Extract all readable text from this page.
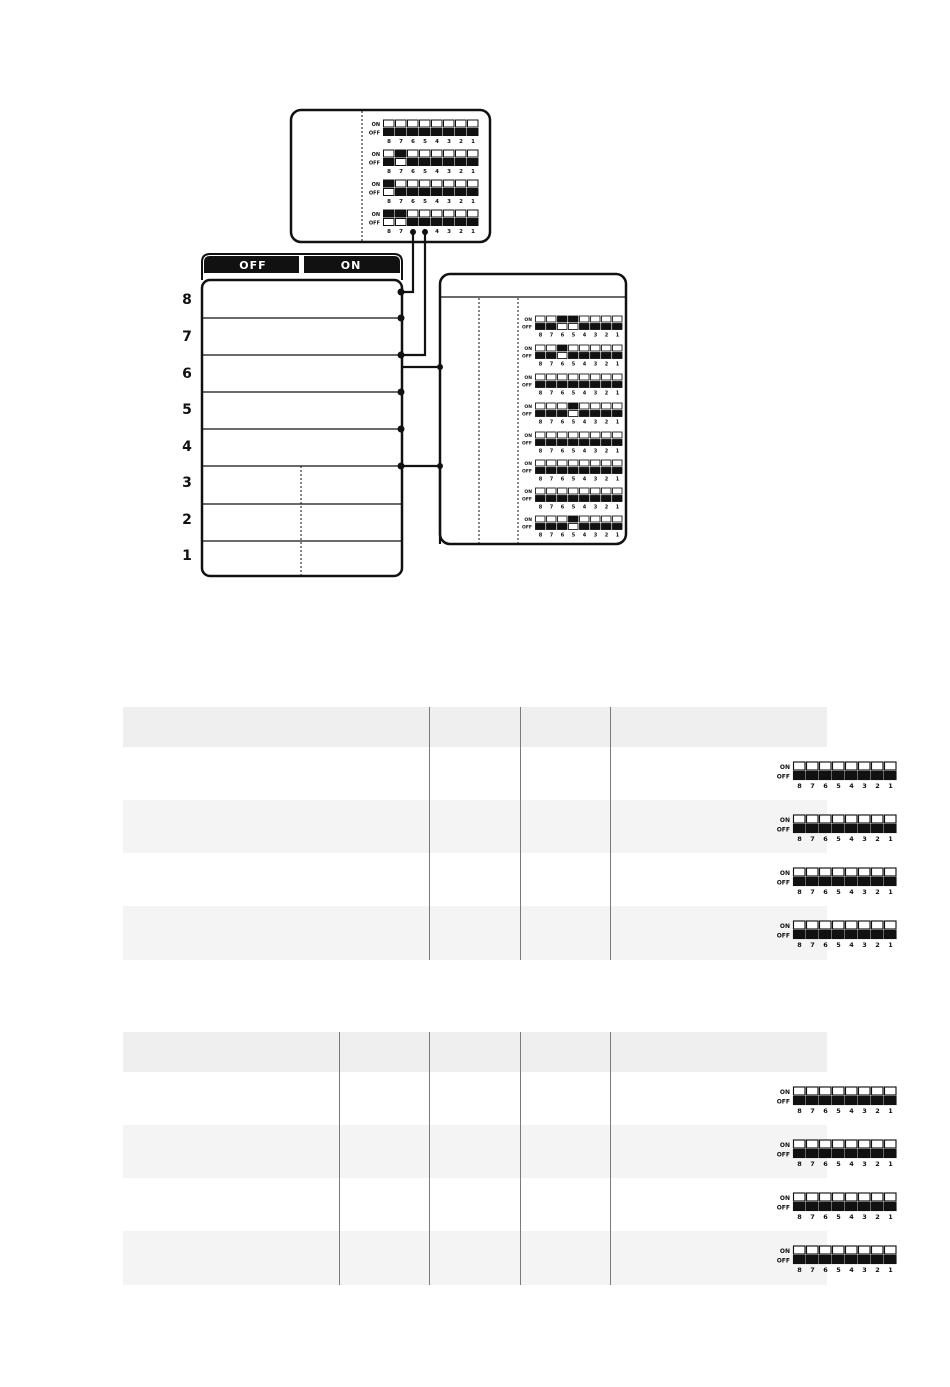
OFF	ON
8
7
6
5
4
3
2
1
ON
OFF
8 7 6 5 4 3 2 1
ON
OFF
8 7 6 5 4 3 2 1
ON
OFF
8 7 6 5 4 3 2 1
ON
OFF
8 7 6 5 4 3 2 1
ON
OFF
8 7 6 5 4 3 2 1
ON
OFF
8 7 6 5 4 3 2 1
ON
OFF
8 7 6 5 4 3 2 1
ON
OFF
8 7 6 5 4 3 2 1
ON
OFF
8 7 6 5 4 3 2 1
ON
OFF
8 7 6 5 4 3 2 1
ON
OFF
8 7 6 5 4 3 2 1
ON
OFF
8 7 6 5 4 3 2 1
ON
OFF
8 7 6 5 4 3 2 1
ON
OFF
8 7 6 5 4 3 2 1
ON
OFF
8 7 6 5 4 3 2 1
ON
OFF
8 7 6 5 4 3 2 1
ON
OFF
8 7 6 5 4 3 2 1
ON
OFF
8 7 6 5 4 3 2 1
ON
OFF
8 7 6 5 4 3 2 1
ON
OFF
8 7 6 5 4 3 2 1
